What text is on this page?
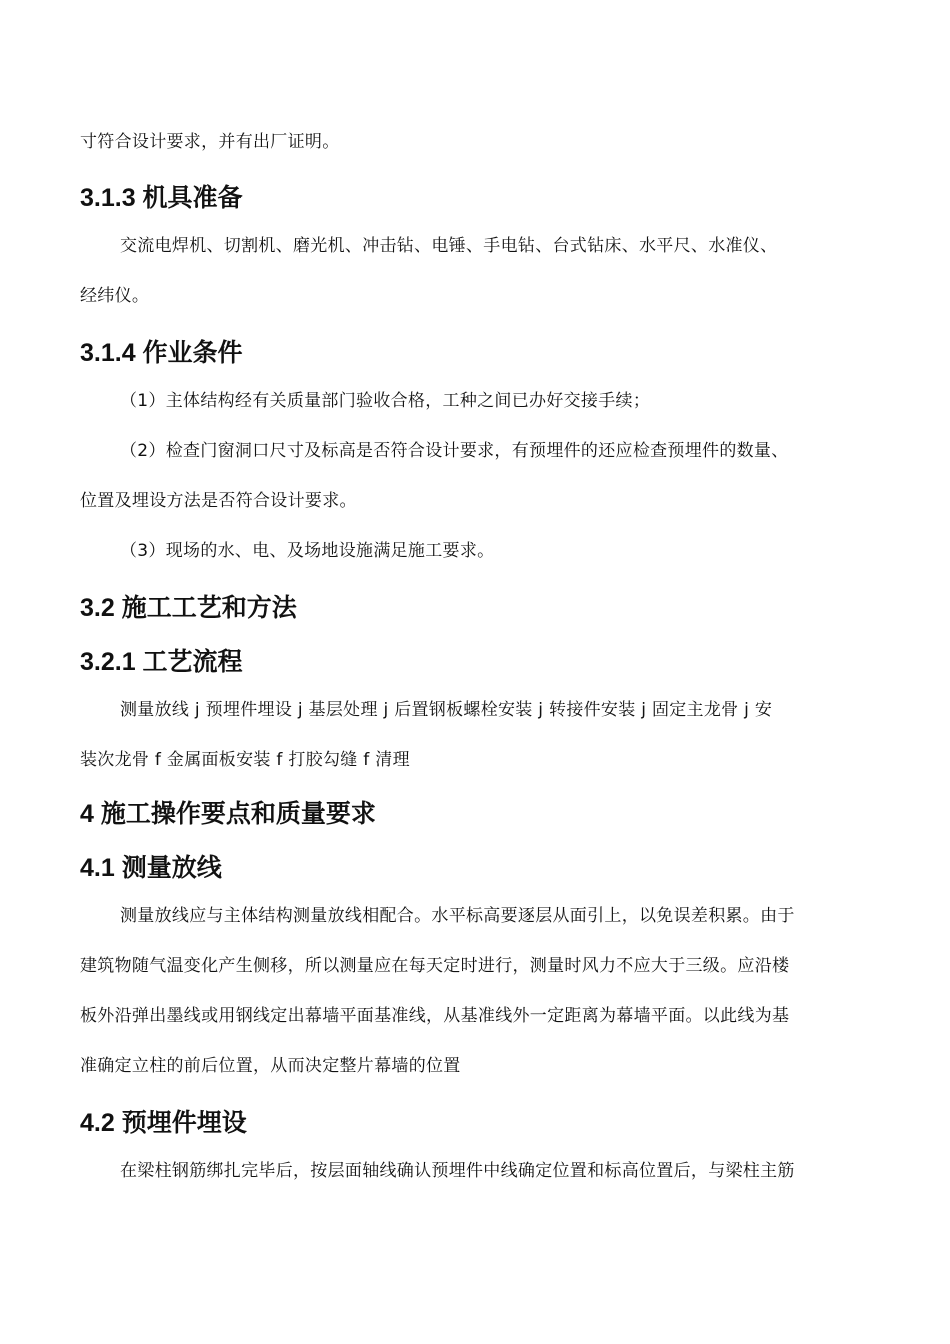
寸符合设计要求，并有出厂证明。
3.1.3 机具准备
交流电焊机、切割机、磨光机、冲击钻、电锤、手电钻、台式钻床、水平尺、水准仪、
经纬仪。
3.1.4 作业条件
（1）主体结构经有关质量部门验收合格，工种之间已办好交接手续；
（2）检查门窗洞口尺寸及标高是否符合设计要求，有预埋件的还应检查预埋件的数量、
位置及埋设方法是否符合设计要求。
（3）现场的水、电、及场地设施满足施工要求。
3.2 施工工艺和方法
3.2.1 工艺流程
测量放线 j 预埋件埋设 j 基层处理 j 后置钢板螺栓安装 j 转接件安装 j 固定主龙骨 j 安
装次龙骨 f 金属面板安装 f 打胶勾缝 f 清理
4 施工操作要点和质量要求
4.1 测量放线
测量放线应与主体结构测量放线相配合。水平标高要逐层从面引上，以免误差积累。由于
建筑物随气温变化产生侧移，所以测量应在每天定时进行，测量时风力不应大于三级。应沿楼
板外沿弹出墨线或用钢线定出幕墙平面基准线，从基准线外一定距离为幕墙平面。以此线为基
准确定立柱的前后位置，从而决定整片幕墙的位置
4.2 预埋件埋设
在梁柱钢筋绑扎完毕后，按层面轴线确认预埋件中线确定位置和标高位置后，与梁柱主筋
